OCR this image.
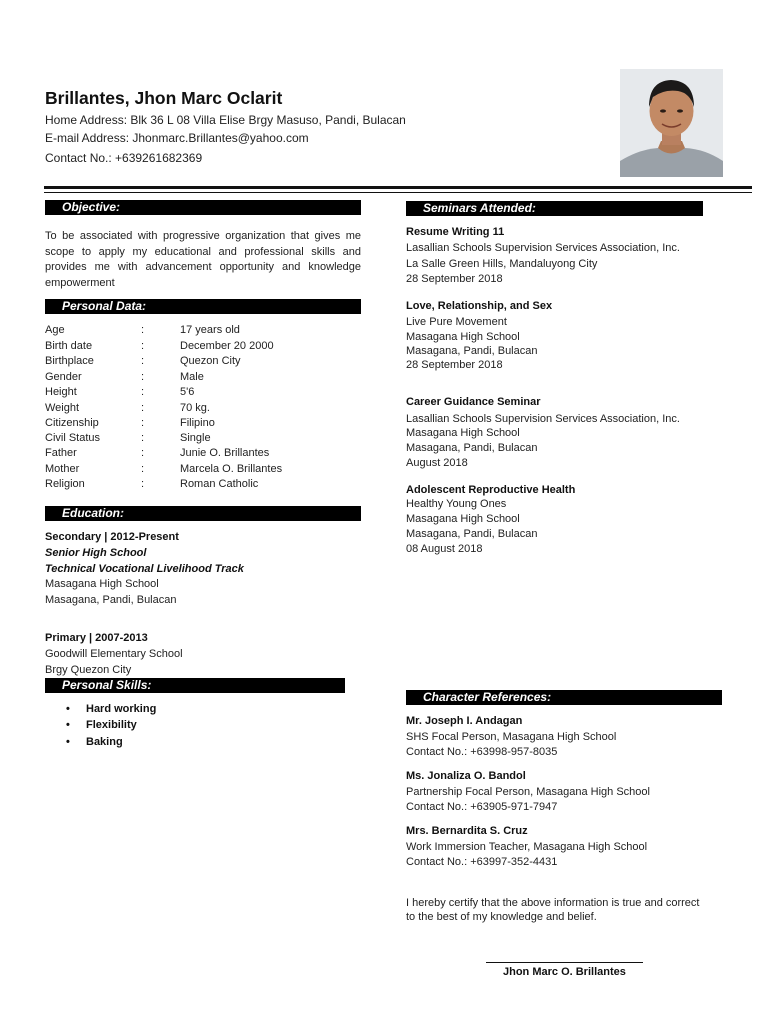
Brillantes, Jhon Marc Oclarit
Home Address: Blk 36 L 08 Villa Elise Brgy Masuso, Pandi, Bulacan
E-mail Address: Jhonmarc.Brillantes@yahoo.com
Contact No.: +639261682369
Objective:
To be associated with progressive organization that gives me scope to apply my educational and professional skills and provides me with advancement opportunity and knowledge empowerment
Personal Data:
Age	:	17 years old
Birth date	:	December 20 2000
Birthplace	:	Quezon City
Gender	:	Male
Height	:	5'6
Weight	:	70 kg.
Citizenship	:	Filipino
Civil Status	:	Single
Father	:	Junie O. Brillantes
Mother	:	Marcela O. Brillantes
Religion	:	Roman Catholic
Education:
Secondary | 2012-Present
Senior High School
Technical Vocational Livelihood Track
Masagana High School
Masagana, Pandi, Bulacan
Primary | 2007-2013
Goodwill Elementary School
Brgy Quezon City
Personal Skills:
• Hard working
• Flexibility
• Baking
Seminars Attended:
Resume Writing 11
Lasallian Schools Supervision Services Association, Inc.
La Salle Green Hills, Mandaluyong City
28 September 2018
Love, Relationship, and Sex
Live Pure Movement
Masagana High School
Masagana, Pandi, Bulacan
28 September 2018
Career Guidance Seminar
Lasallian Schools Supervision Services Association, Inc.
Masagana High School
Masagana, Pandi, Bulacan
August 2018
Adolescent Reproductive Health
Healthy Young Ones
Masagana High School
Masagana, Pandi, Bulacan
08 August 2018
Character References:
Mr. Joseph I. Andagan
SHS Focal Person, Masagana High School
Contact No.: +63998-957-8035
Ms. Jonaliza O. Bandol
Partnership Focal Person, Masagana High School
Contact No.: +63905-971-7947
Mrs. Bernardita S. Cruz
Work Immersion Teacher, Masagana High School
Contact No.: +63997-352-4431
I hereby certify that the above information is true and correct
to the best of my knowledge and belief.
Jhon Marc O. Brillantes
